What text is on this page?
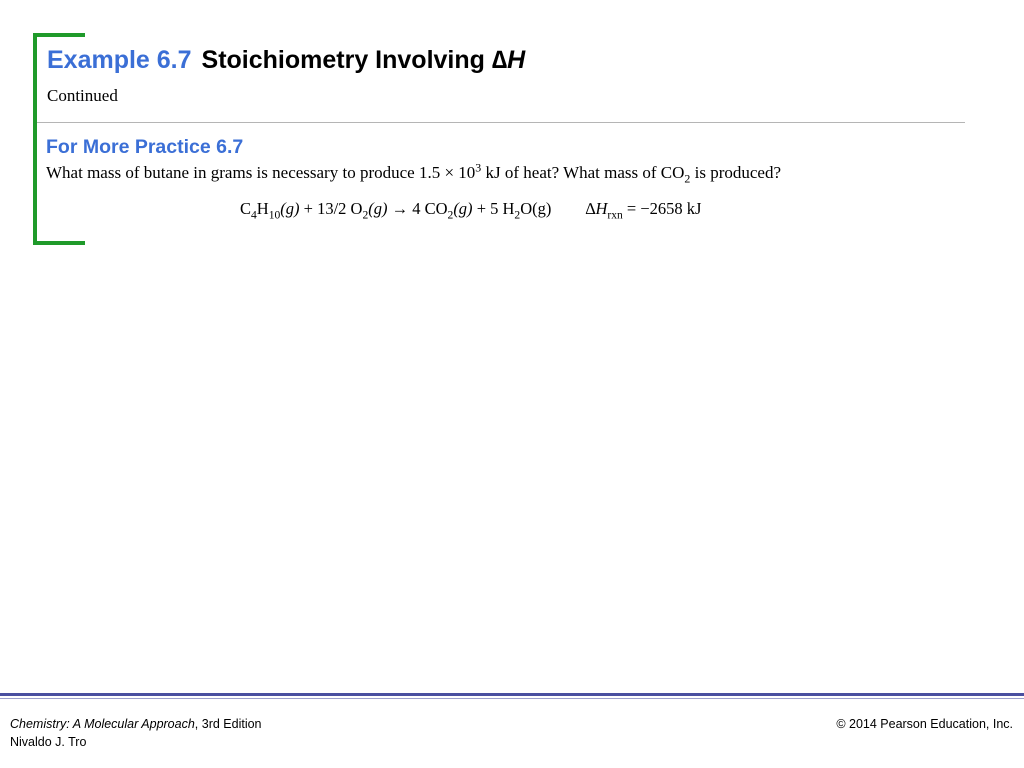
Example 6.7 Stoichiometry Involving ∆H
Continued
For More Practice 6.7
What mass of butane in grams is necessary to produce $1.5 \times 10^3$ kJ of heat? What mass of $CO_2$ is produced?
$C_4H_{10}(g) + 13/2$ $O_2(g) \to 4$ $CO_2(g) + 5$ $H_2O(g) \Delta H_{rxn} = -2658$ kJ
Chemistry: A Molecular Approach, 3rd Edition
Nivaldo J. Tro
© 2014 Pearson Education, Inc.
